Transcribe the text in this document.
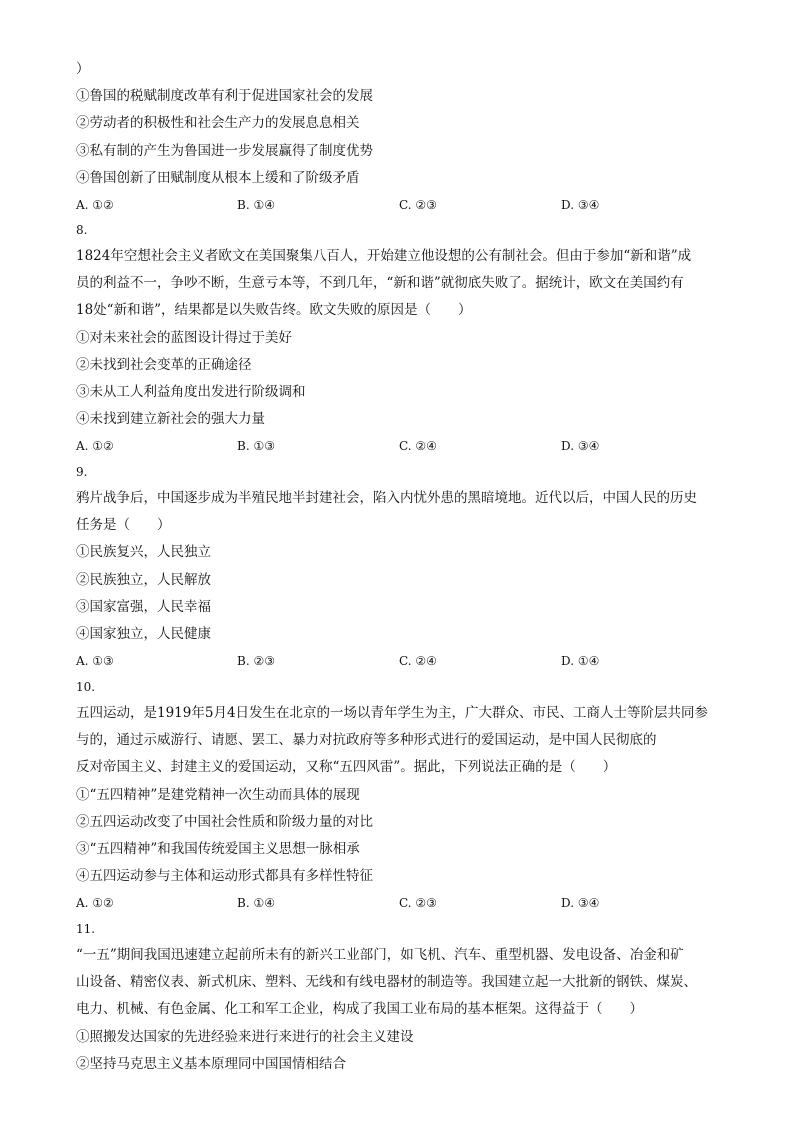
）
①鲁国的税赋制度改革有利于促进国家社会的发展
②劳动者的积极性和社会生产力的发展息息相关
③私有制的产生为鲁国进一步发展赢得了制度优势
④鲁国创新了田赋制度从根本上缓和了阶级矛盾
A. ①②	B. ①④	C. ②③	D. ③④
8.
1824年空想社会主义者欧文在美国聚集八百人，开始建立他设想的公有制社会。但由于参加“新和谐”成
员的利益不一，争吵不断，生意亏本等，不到几年，“新和谐”就彻底失败了。据统计，欧文在美国约有
18处“新和谐”，结果都是以失败告终。欧文失败的原因是（　　）
①对未来社会的蓝图设计得过于美好
②未找到社会变革的正确途径
③未从工人利益角度出发进行阶级调和
④未找到建立新社会的强大力量
A. ①②	B. ①③	C. ②④	D. ③④
9.
鸦片战争后，中国逐步成为半殖民地半封建社会，陷入内忧外患的黑暗境地。近代以后，中国人民的历史
任务是（　　）
①民族复兴，人民独立
②民族独立，人民解放
③国家富强，人民幸福
④国家独立，人民健康
A. ①③	B. ②③	C. ②④	D. ①④
10.
五四运动，是1919年5月4日发生在北京的一场以青年学生为主，广大群众、市民、工商人士等阶层共同参
与的，通过示威游行、请愿、罢工、暴力对抗政府等多种形式进行的爱国运动，是中国人民彻底的
反对帝国主义、封建主义的爱国运动，又称“五四风雷”。据此，下列说法正确的是（　　）
①“五四精神”是建党精神一次生动而具体的展现
②五四运动改变了中国社会性质和阶级力量的对比
③“五四精神”和我国传统爱国主义思想一脉相承
④五四运动参与主体和运动形式都具有多样性特征
A. ①②	B. ①④	C. ②③	D. ③④
11.
“一五”期间我国迅速建立起前所未有的新兴工业部门，如飞机、汽车、重型机器、发电设备、冶金和矿
山设备、精密仪表、新式机床、塑料、无线和有线电器材的制造等。我国建立起一大批新的钢铁、煤炭、
电力、机械、有色金属、化工和军工企业，构成了我国工业布局的基本框架。这得益于（　　）
①照搬发达国家的先进经验来进行来进行的社会主义建设
②坚持马克思主义基本原理同中国国情相结合
